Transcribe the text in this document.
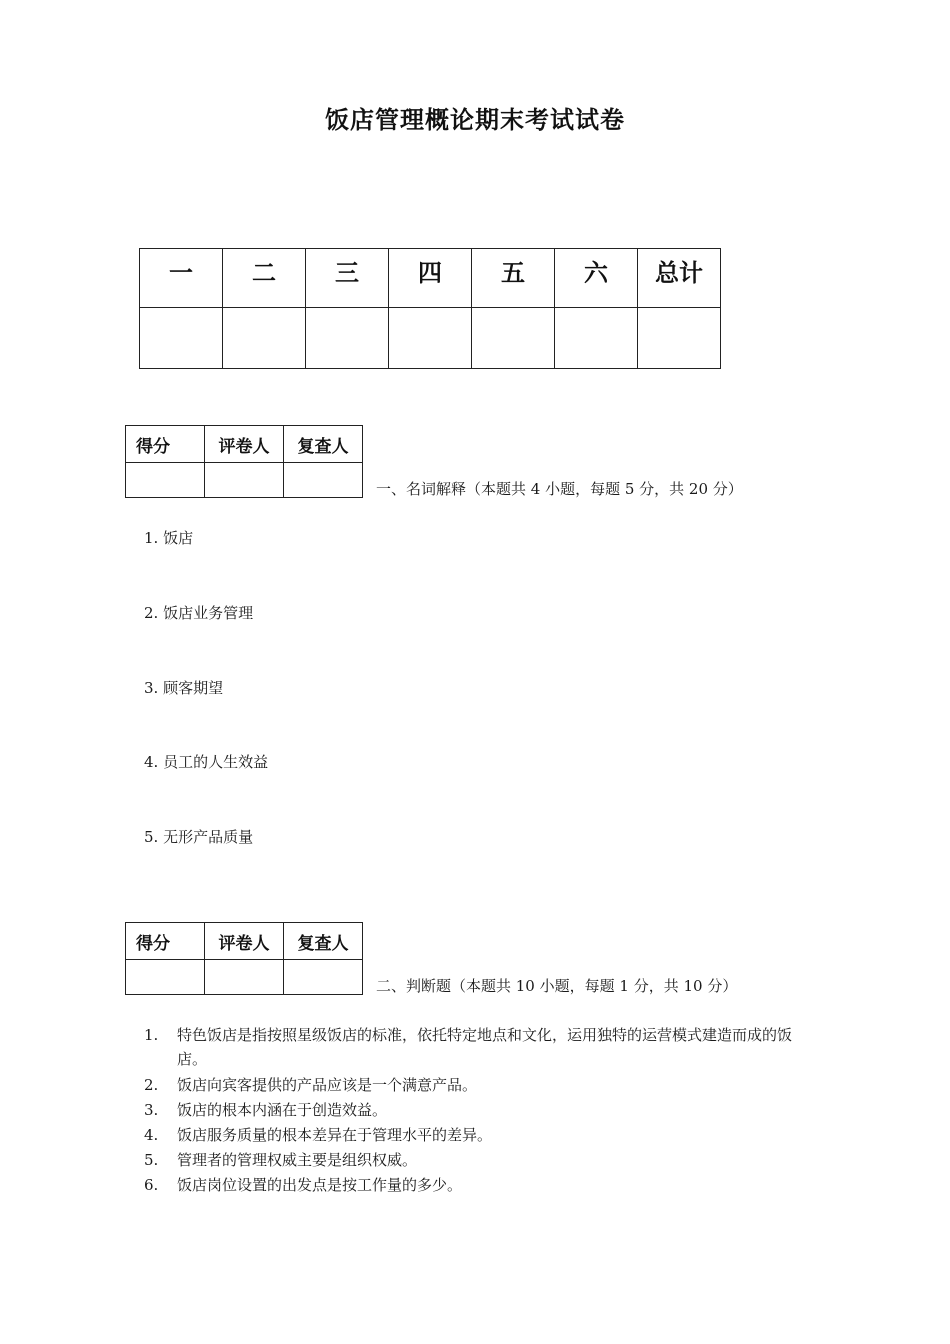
饭店管理概论期末考试试卷
一	二	三	四	五	六	总计

得分	评卷人	复查人

一、名词解释（本题共 4 小题，每题 5 分，共 20 分）
1. 饭店
2. 饭店业务管理
3. 顾客期望
4. 员工的人生效益
5. 无形产品质量
得分	评卷人	复查人

二、判断题（本题共 10 小题，每题 1 分，共 10 分）
1. 特色饭店是指按照星级饭店的标准，依托特定地点和文化，运用独特的运营模式建造而成的饭店。
2. 饭店向宾客提供的产品应该是一个满意产品。
3. 饭店的根本内涵在于创造效益。
4. 饭店服务质量的根本差异在于管理水平的差异。
5. 管理者的管理权威主要是组织权威。
6. 饭店岗位设置的出发点是按工作量的多少。
